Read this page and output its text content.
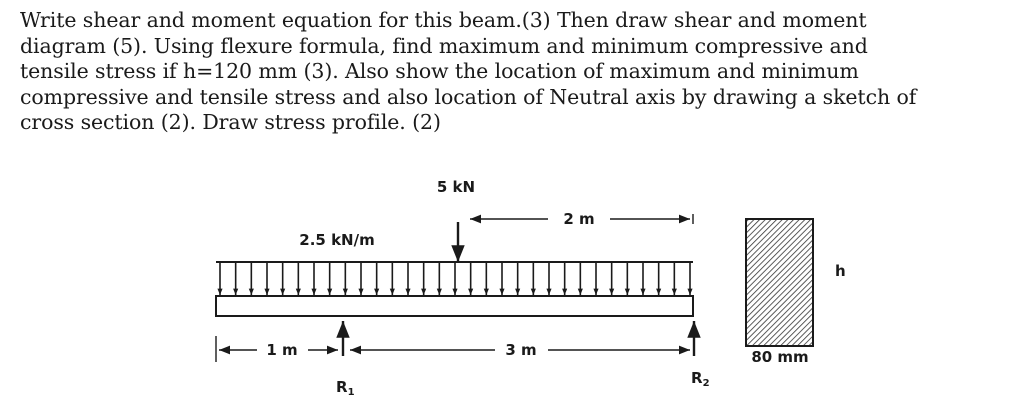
Write shear and moment equation for this beam.(3) Then draw shear and moment
diagram (5). Using flexure formula, find maximum and minimum compressive and
tensile stress if h=120 mm (3). Also show the location of maximum and minimum
compressive and tensile stress and also location of Neutral axis by drawing a sketch of
cross section (2). Draw stress profile. (2)
5 kN
2 m
2.5 kN/m
$R_1$
$R_2$
1 m	3 m
h
80 mm
